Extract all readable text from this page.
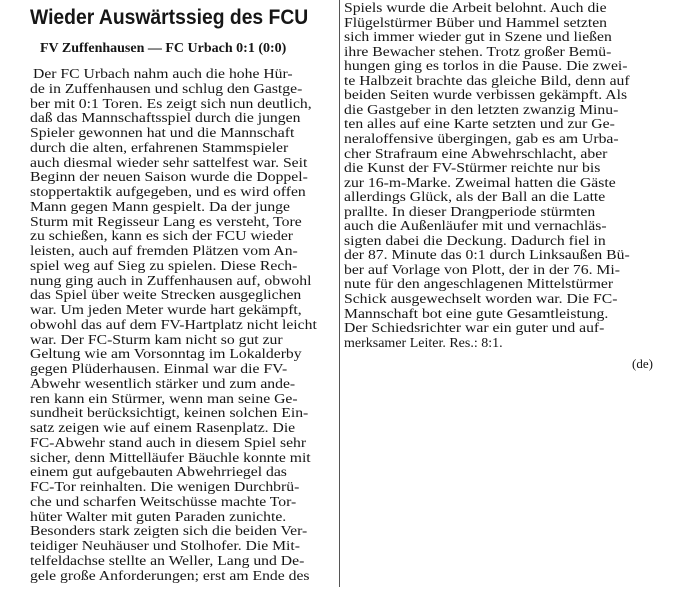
Wieder Auswärtssieg des FCU
FV Zuffenhausen — FC Urbach 0:1 (0:0)
Der FC Urbach nahm auch die hohe Hür-
de in Zuffenhausen und schlug den Gastge-
ber mit 0:1 Toren. Es zeigt sich nun deutlich,
daß das Mannschaftsspiel durch die jungen
Spieler gewonnen hat und die Mannschaft
durch die alten, erfahrenen Stammspieler
auch diesmal wieder sehr sattelfest war. Seit
Beginn der neuen Saison wurde die Doppel-
stoppertaktik aufgegeben, und es wird offen
Mann gegen Mann gespielt. Da der junge
Sturm mit Regisseur Lang es versteht, Tore
zu schießen, kann es sich der FCU wieder
leisten, auch auf fremden Plätzen vom An-
spiel weg auf Sieg zu spielen. Diese Rech-
nung ging auch in Zuffenhausen auf, obwohl
das Spiel über weite Strecken ausgeglichen
war. Um jeden Meter wurde hart gekämpft,
obwohl das auf dem FV-Hartplatz nicht leicht
war. Der FC-Sturm kam nicht so gut zur
Geltung wie am Vorsonntag im Lokalderby
gegen Plüderhausen. Einmal war die FV-
Abwehr wesentlich stärker und zum ande-
ren kann ein Stürmer, wenn man seine Ge-
sundheit berücksichtigt, keinen solchen Ein-
satz zeigen wie auf einem Rasenplatz. Die
FC-Abwehr stand auch in diesem Spiel sehr
sicher, denn Mittelläufer Bäuchle konnte mit
einem gut aufgebauten Abwehrriegel das
FC-Tor reinhalten. Die wenigen Durchbrü-
che und scharfen Weitschüsse machte Tor-
hüter Walter mit guten Paraden zunichte.
Besonders stark zeigten sich die beiden Ver-
teidiger Neuhäuser und Stolhofer. Die Mit-
telfeldachse stellte an Weller, Lang und De-
gele große Anforderungen; erst am Ende des
Spiels wurde die Arbeit belohnt. Auch die
Flügelstürmer Büber und Hammel setzten
sich immer wieder gut in Szene und ließen
ihre Bewacher stehen. Trotz großer Bemü-
hungen ging es torlos in die Pause. Die zwei-
te Halbzeit brachte das gleiche Bild, denn auf
beiden Seiten wurde verbissen gekämpft. Als
die Gastgeber in den letzten zwanzig Minu-
ten alles auf eine Karte setzten und zur Ge-
neraloffensive übergingen, gab es am Urba-
cher Strafraum eine Abwehrschlacht, aber
die Kunst der FV-Stürmer reichte nur bis
zur 16-m-Marke. Zweimal hatten die Gäste
allerdings Glück, als der Ball an die Latte
prallte. In dieser Drangperiode stürmten
auch die Außenläufer mit und vernachläs-
sigten dabei die Deckung. Dadurch fiel in
der 87. Minute das 0:1 durch Linksaußen Bü-
ber auf Vorlage von Plott, der in der 76. Mi-
nute für den angeschlagenen Mittelstürmer
Schick ausgewechselt worden war. Die FC-
Mannschaft bot eine gute Gesamtleistung.
Der Schiedsrichter war ein guter und auf-
merksamer Leiter. Res.: 8:1.
(de)
